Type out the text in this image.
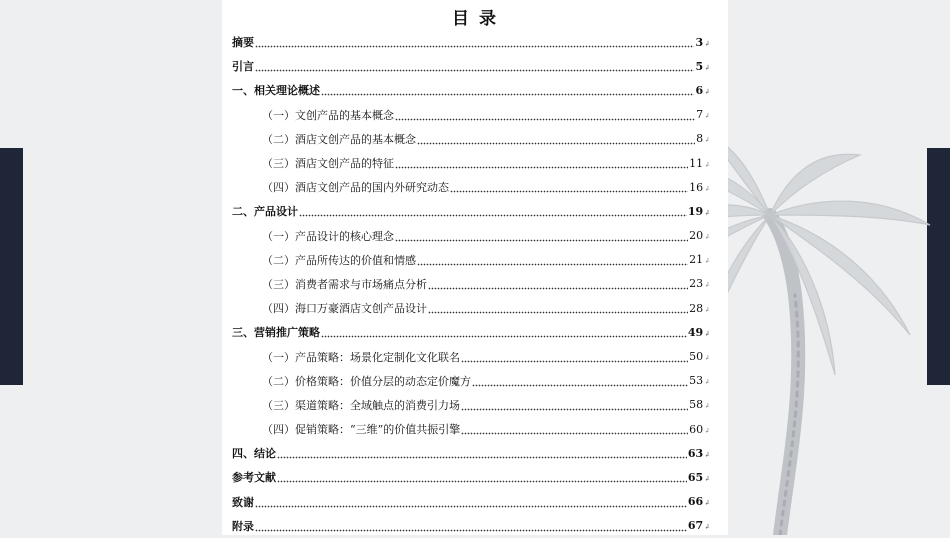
目 录
摘要	3 ↲
引言	5 ↲
一、相关理论概述	6 ↲
（一）文创产品的基本概念	7 ↲
（二）酒店文创产品的基本概念	8 ↲
（三）酒店文创产品的特征	11 ↲
（四）酒店文创产品的国内外研究动态	16 ↲
二、产品设计	19 ↲
（一）产品设计的核心理念	20 ↲
（二）产品所传达的价值和情感	21 ↲
（三）消费者需求与市场痛点分析	23 ↲
（四）海口万豪酒店文创产品设计	28 ↲
三、营销推广策略	49 ↲
（一）产品策略：场景化定制化文化联名	50 ↲
（二）价格策略：价值分层的动态定价魔方	53 ↲
（三）渠道策略：全域触点的消费引力场	58 ↲
（四）促销策略：“三维”的价值共振引擎	60 ↲
四、结论	63 ↲
参考文献	65 ↲
致谢	66 ↲
附录	67 ↲
